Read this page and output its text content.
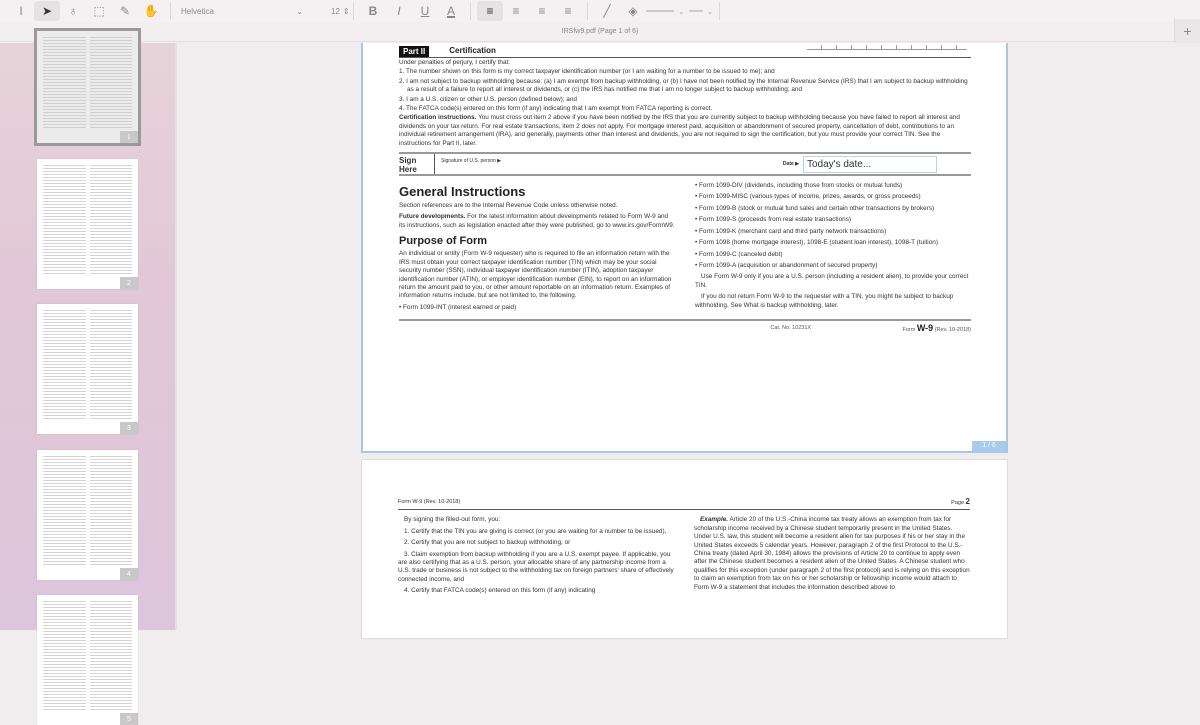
I	➤	♁	⬚	✎	✋	Helvetica	⌄	12 ⇕	B	I	U	A	≡	≡	≡	≡	╱	◈	⌄	⌄
IRSfw9.pdf (Page 1 of 6)	+
1
2
3
4
5
Part II	Certification

Under penalties of perjury, I certify that:

1. The number shown on this form is my correct taxpayer identification number (or I am waiting for a number to be issued to me); and

2. I am not subject to backup withholding because: (a) I am exempt from backup withholding, or (b) I have not been notified by the Internal Revenue Service (IRS) that I am subject to backup withholding as a result of a failure to report all interest or dividends, or (c) the IRS has notified me that I am no longer subject to backup withholding; and

3. I am a U.S. citizen or other U.S. person (defined below); and

4. The FATCA code(s) entered on this form (if any) indicating that I am exempt from FATCA reporting is correct.

Certification instructions. You must cross out item 2 above if you have been notified by the IRS that you are currently subject to backup withholding because you have failed to report all interest and dividends on your tax return. For real estate transactions, item 2 does not apply. For mortgage interest paid, acquisition or abandonment of secured property, cancellation of debt, contributions to an individual retirement arrangement (IRA), and generally, payments other than interest and dividends, you are not required to sign the certification, but you must provide your correct TIN. See the instructions for Part II, later.

Sign Here
Signature of U.S. person ▶	Date ▶
Today's date...
General Instructions

Section references are to the Internal Revenue Code unless otherwise noted.

Future developments. For the latest information about developments related to Form W-9 and its instructions, such as legislation enacted after they were published, go to www.irs.gov/FormW9.

Purpose of Form

An individual or entity (Form W-9 requester) who is required to file an information return with the IRS must obtain your correct taxpayer identification number (TIN) which may be your social security number (SSN), individual taxpayer identification number (ITIN), adoption taxpayer identification number (ATIN), or employer identification number (EIN), to report on an information return the amount paid to you, or other amount reportable on an information return. Examples of information returns include, but are not limited to, the following.

• Form 1099-INT (interest earned or paid)

• Form 1099-DIV (dividends, including those from stocks or mutual funds)

• Form 1099-MISC (various types of income, prizes, awards, or gross proceeds)

• Form 1099-B (stock or mutual fund sales and certain other transactions by brokers)

• Form 1099-S (proceeds from real estate transactions)

• Form 1099-K (merchant card and third party network transactions)

• Form 1098 (home mortgage interest), 1098-E (student loan interest), 1098-T (tuition)

• Form 1099-C (canceled debt)

• Form 1099-A (acquisition or abandonment of secured property)

Use Form W-9 only if you are a U.S. person (including a resident alien), to provide your correct TIN.

If you do not return Form W-9 to the requester with a TIN, you might be subject to backup withholding. See What is backup withholding, later.

Cat. No. 10231X	Form W-9 (Rev. 10-2018)
1 / 6
Form W-9 (Rev. 10-2018)	Page 2

By signing the filled-out form, you:

1. Certify that the TIN you are giving is correct (or you are waiting for a number to be issued),

2. Certify that you are not subject to backup withholding, or

3. Claim exemption from backup withholding if you are a U.S. exempt payee. If applicable, you are also certifying that as a U.S. person, your allocable share of any partnership income from a U.S. trade or business is not subject to the withholding tax on foreign partners' share of effectively connected income, and

4. Certify that FATCA code(s) entered on this form (if any) indicating

Example. Article 20 of the U.S.-China income tax treaty allows an exemption from tax for scholarship income received by a Chinese student temporarily present in the United States. Under U.S. law, this student will become a resident alien for tax purposes if his or her stay in the United States exceeds 5 calendar years. However, paragraph 2 of the first Protocol to the U.S.-China treaty (dated April 30, 1984) allows the provisions of Article 20 to continue to apply even after the Chinese student becomes a resident alien of the United States. A Chinese student who qualifies for this exception (under paragraph 2 of the first protocol) and is relying on this exception to claim an exemption from tax on his or her scholarship or fellowship income would attach to Form W-9 a statement that includes the information described above to
